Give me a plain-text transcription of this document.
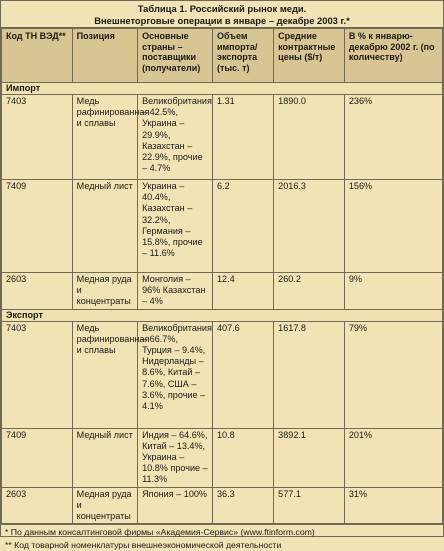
Таблица 1. Российский рынок меди.
Внешнеторговые операции в январе – декабре 2003 г.*
Код ТН ВЭД**	Позиция	Основные страны – поставщики (получатели)	Объем импорта/ экспорта (тыс. т)	Средние контрактные цены ($/т)	В % к январю-декабрю 2002 г. (по количеству)
Импорт					
7403	Медь рафинированная и сплавы	Великобритания – 42.5%, Украина – 29.9%, Казахстан – 22.9%, прочие – 4.7%	1.31	1890.0	236%
7409	Медный лист	Украина – 40.4%, Казахстан – 32.2%, Германия – 15.8%, прочие – 11.6%	6.2	2016.3	156%
2603	Медная руда и концентраты	Монголия – 96% Казахстан – 4%	12.4	260.2	9%
Экспорт					
7403	Медь рафинированная и сплавы	Великобритания – 66.7%, Турция – 9.4%, Нидерланды – 8.6%, Китай – 7.6%, США – 3.6%, прочие – 4.1%	407.6	1617.8	79%
7409	Медный лист	Индия – 64.6%, Китай – 13.4%, Украина – 10.8% прочие – 11.3%	10.8	3892.1	201%
2603	Медная руда и концентраты	Япония – 100%	36.3	577.1	31%
* По данным консалтинговой фирмы «Академия-Сервис» (www.ftinform.com)
** Код товарной номенклатуры внешнеэкономической деятельности
